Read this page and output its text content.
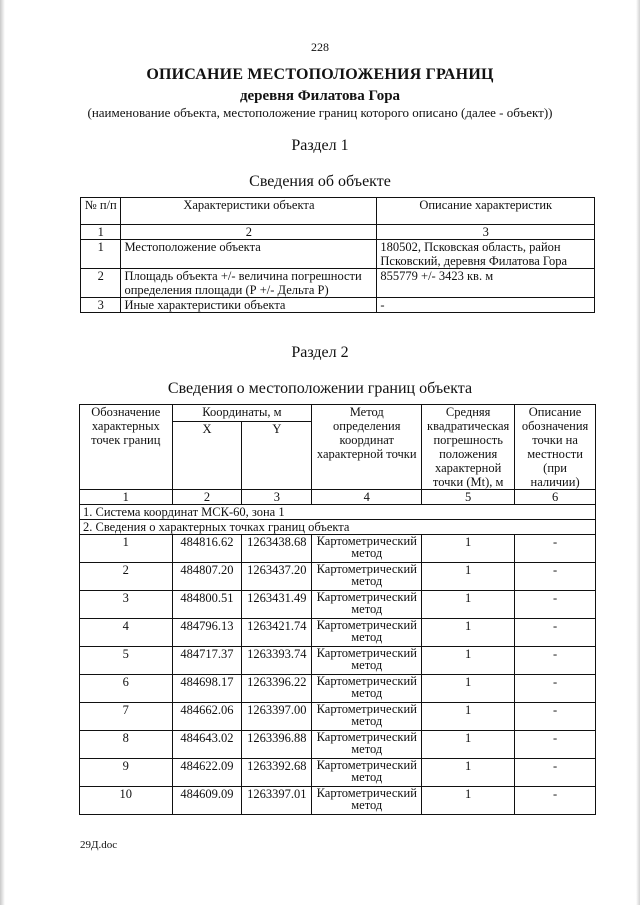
228
ОПИСАНИЕ МЕСТОПОЛОЖЕНИЯ ГРАНИЦ
деревня Филатова Гора
(наименование объекта, местоположение границ которого описано (далее - объект))
Раздел 1
Сведения об объекте
№ п/п	Характеристики объекта	Описание характеристик
1	2	3
1	Местоположение объекта	180502, Псковская область, район Псковский, деревня Филатова Гора
2	Площадь объекта +/- величина погрешности определения площади (Р +/- Дельта Р)	855779 +/- 3423 кв. м
3	Иные характеристики объекта	-
Раздел 2
Сведения о местоположении границ объекта
Обозначение характерных точек границ	Координаты, м		Метод определения координат характерной точки	Средняя квадратическая погрешность положения характерной точки (Mt), м	Описание обозначения точки на местности (при наличии)
	X	Y			
1	2	3	4	5	6
1. Система координат МСК-60, зона 1					
2. Сведения о характерных точках границ объекта					
1	484816.62	1263438.68	Картометрический метод	1	-
2	484807.20	1263437.20	Картометрический метод	1	-
3	484800.51	1263431.49	Картометрический метод	1	-
4	484796.13	1263421.74	Картометрический метод	1	-
5	484717.37	1263393.74	Картометрический метод	1	-
6	484698.17	1263396.22	Картометрический метод	1	-
7	484662.06	1263397.00	Картометрический метод	1	-
8	484643.02	1263396.88	Картометрический метод	1	-
9	484622.09	1263392.68	Картометрический метод	1	-
10	484609.09	1263397.01	Картометрический метод	1	-
29Д.doc
